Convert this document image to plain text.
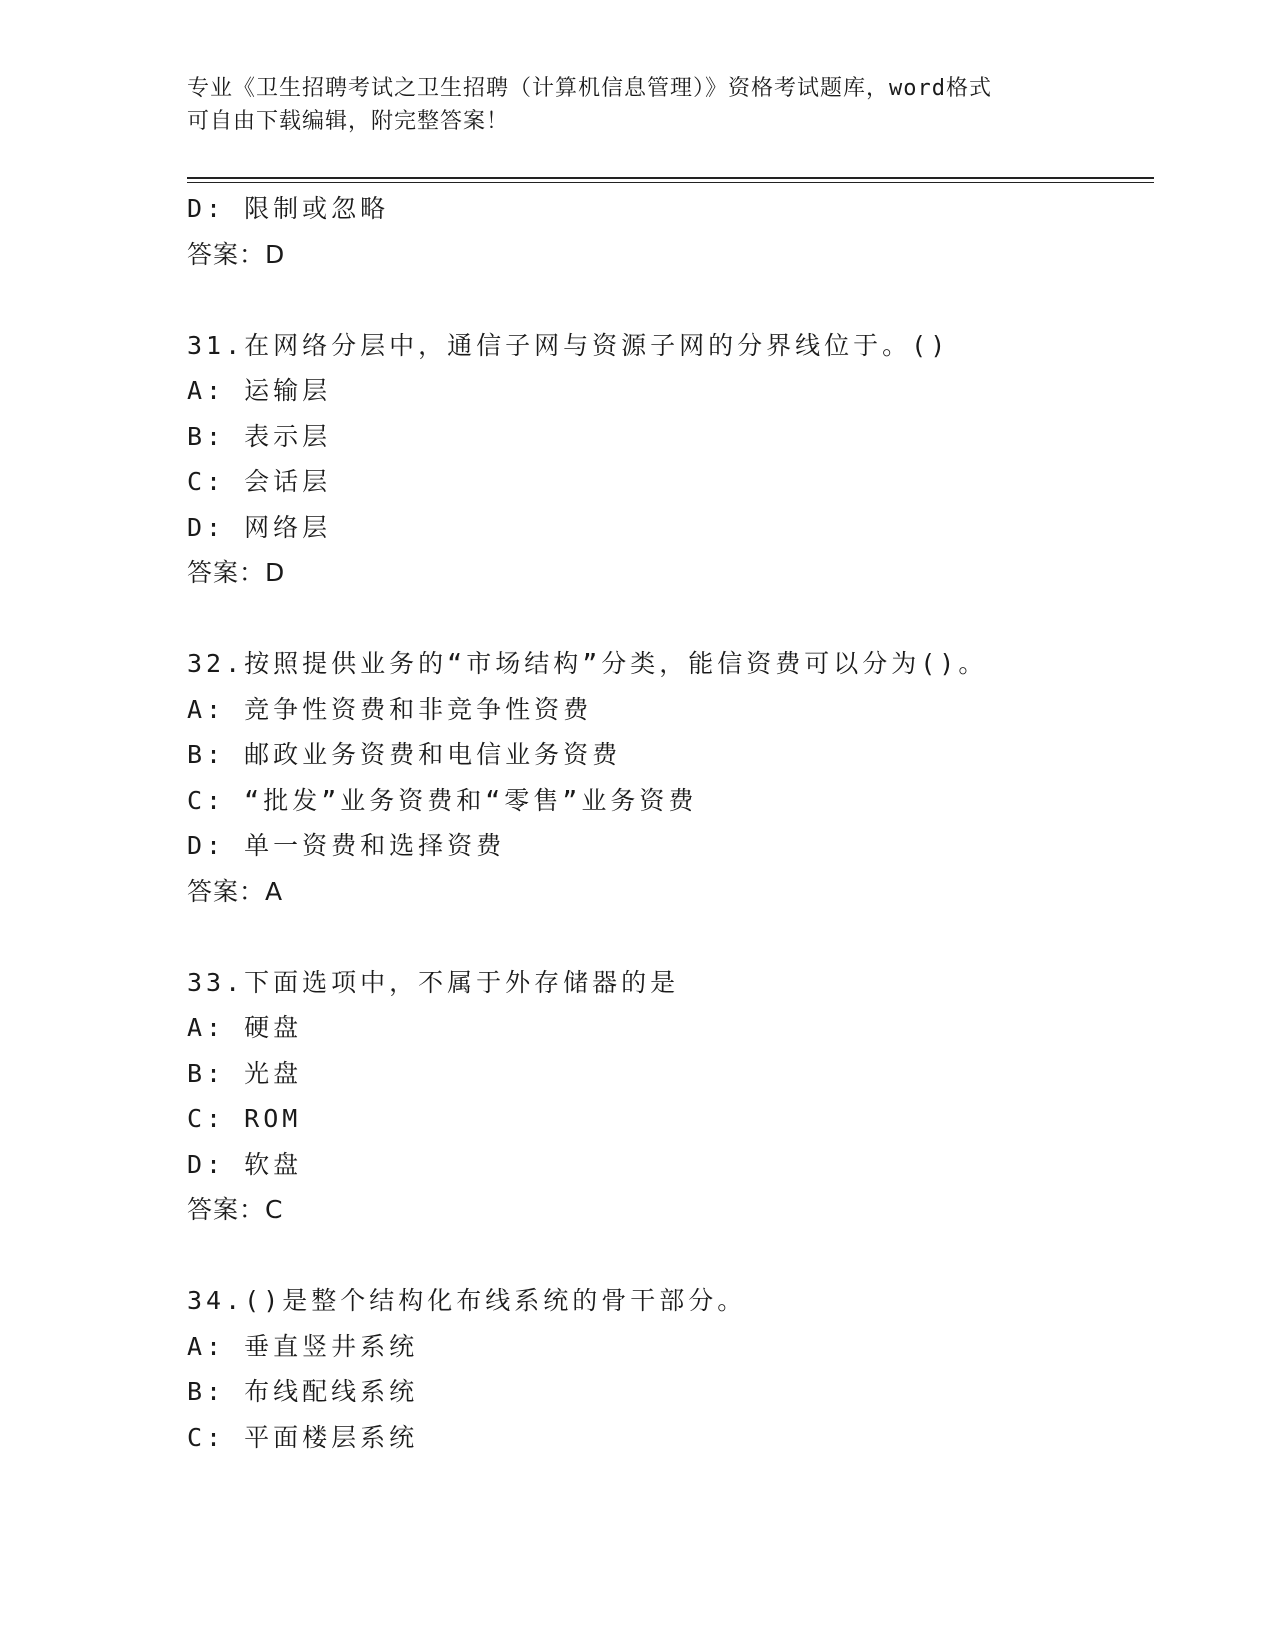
专业《卫生招聘考试之卫生招聘（计算机信息管理）》资格考试题库，word格式
可自由下载编辑，附完整答案！
D: 限制或忽略
答案：D
31.在网络分层中，通信子网与资源子网的分界线位于。()
A: 运输层
B: 表示层
C: 会话层
D: 网络层
答案：D
32.按照提供业务的“市场结构”分类，能信资费可以分为()。
A: 竞争性资费和非竞争性资费
B: 邮政业务资费和电信业务资费
C: “批发”业务资费和“零售”业务资费
D: 单一资费和选择资费
答案：A
33.下面选项中，不属于外存储器的是
A: 硬盘
B: 光盘
C: ROM
D: 软盘
答案：C
34.()是整个结构化布线系统的骨干部分。
A: 垂直竖井系统
B: 布线配线系统
C: 平面楼层系统
